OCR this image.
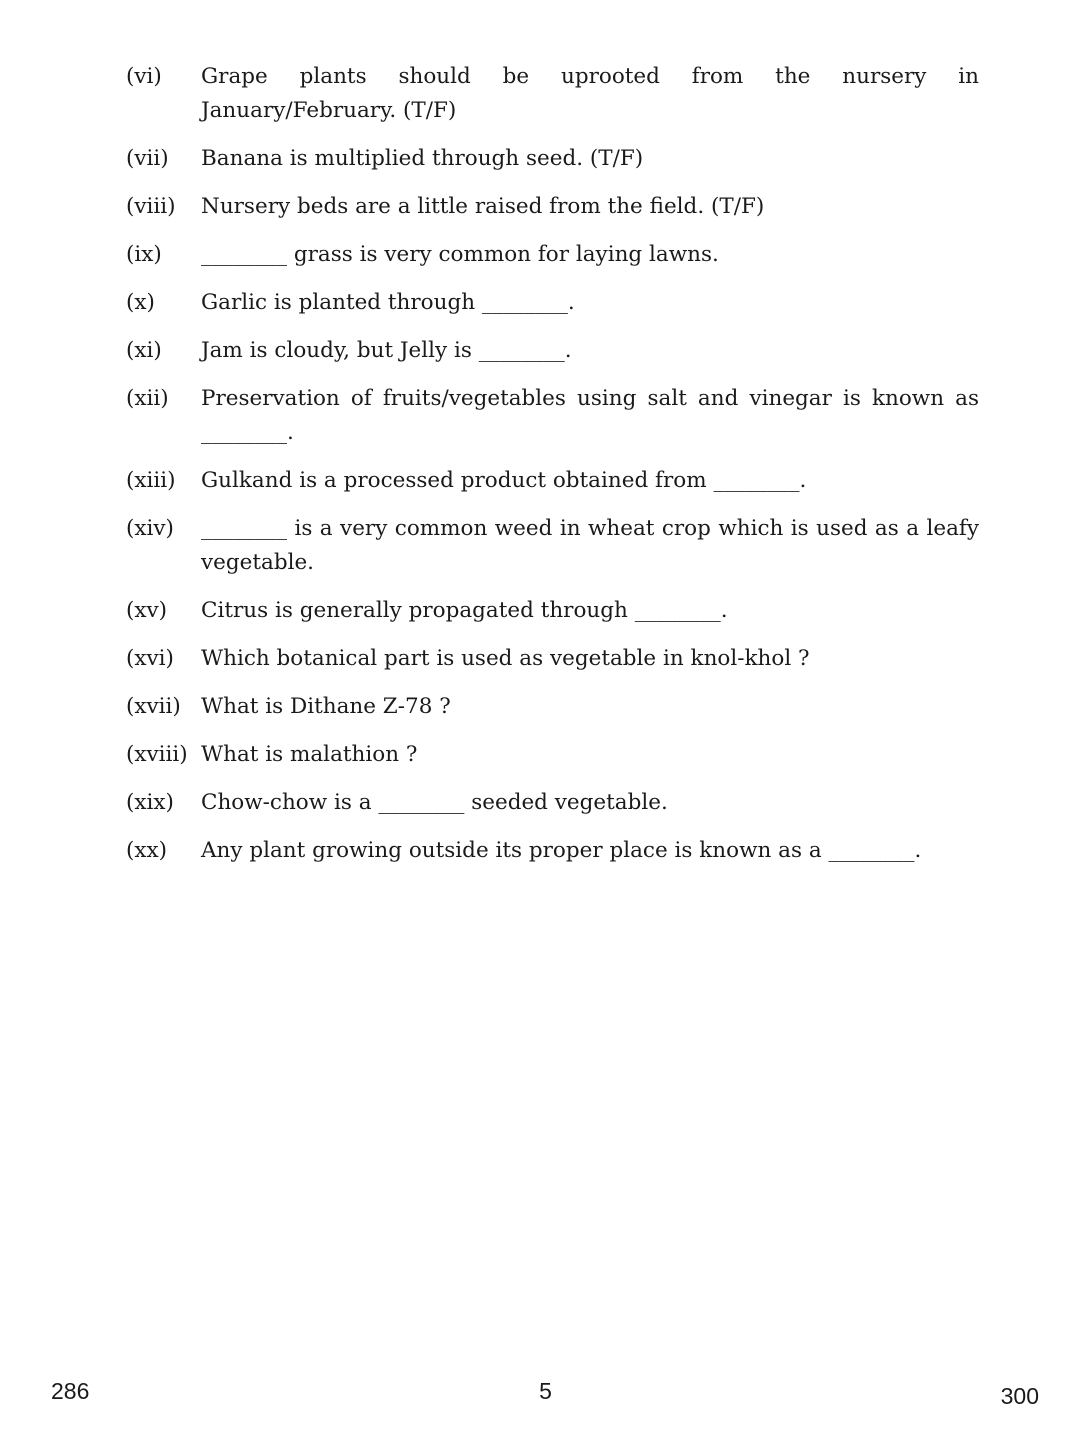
(vi)	Grape plants should be uprooted from the nursery in January/February. (T/F)
(vii)	Banana is multiplied through seed. (T/F)
(viii)	Nursery beds are a little raised from the field. (T/F)
(ix)	________ grass is very common for laying lawns.
(x)	Garlic is planted through ________.
(xi)	Jam is cloudy, but Jelly is ________.
(xii)	Preservation of fruits/vegetables using salt and vinegar is known as ________.
(xiii)	Gulkand is a processed product obtained from ________.
(xiv)	________ is a very common weed in wheat crop which is used as a leafy vegetable.
(xv)	Citrus is generally propagated through ________.
(xvi)	Which botanical part is used as vegetable in knol-khol ?
(xvii) What is Dithane Z-78 ?
(xviii) What is malathion ?
(xix)	Chow-chow is a ________ seeded vegetable.
(xx)	Any plant growing outside its proper place is known as a ________.
286	5	300
